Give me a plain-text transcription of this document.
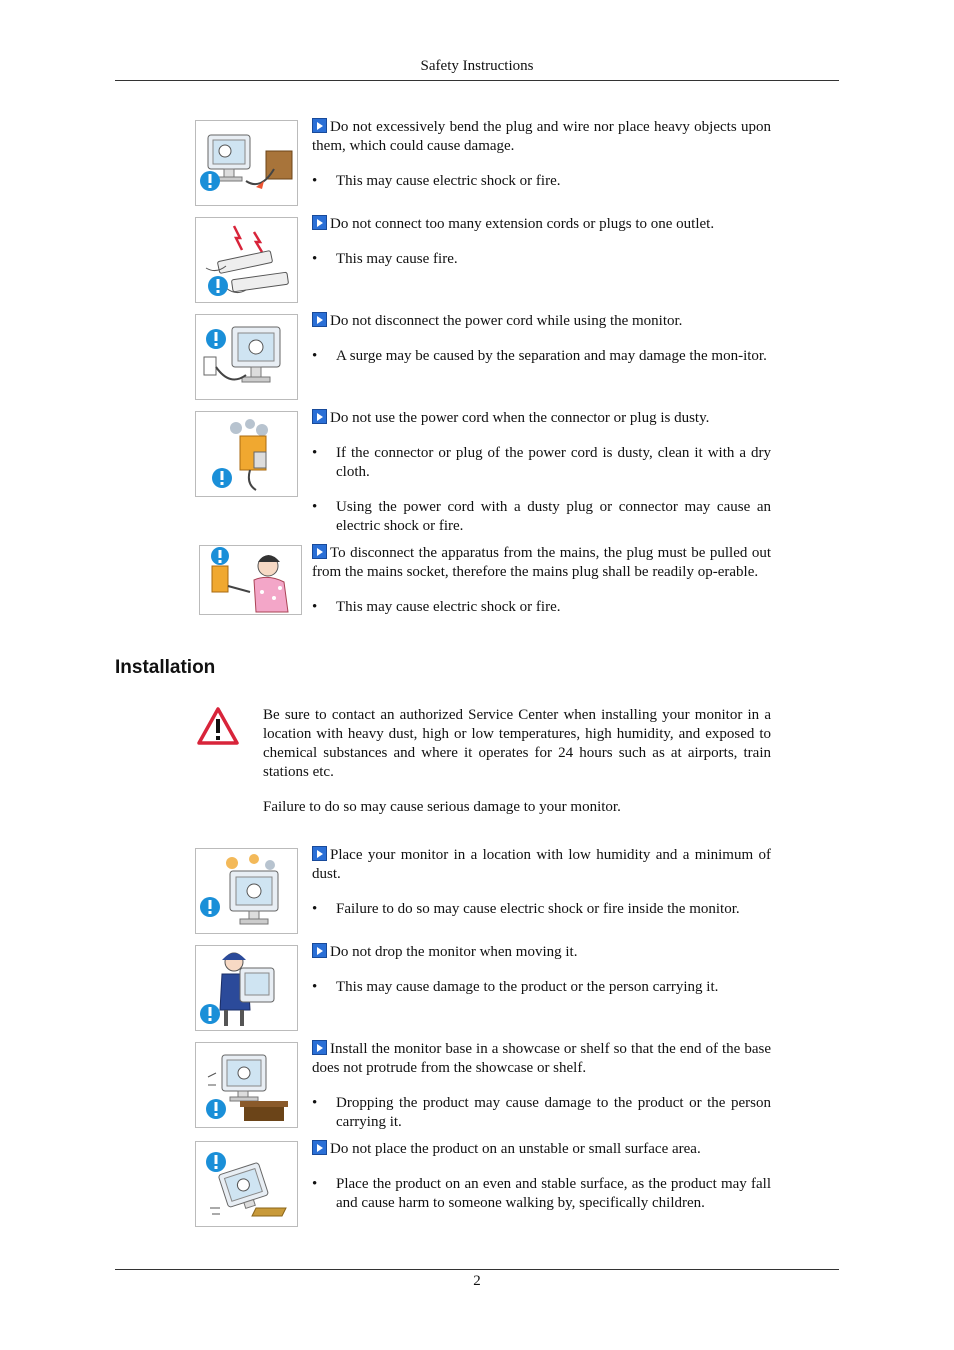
Safety Instructions

Do not excessively bend the plug and wire nor place heavy objects upon them, which could cause damage.

• This may cause electric shock or fire.

Do not connect too many extension cords or plugs to one outlet.

• This may cause fire.

Do not disconnect the power cord while using the monitor.

• A surge may be caused by the separation and may damage the mon-itor.

Do not use the power cord when the connector or plug is dusty.

• If the connector or plug of the power cord is dusty, clean it with a dry cloth.

• Using the power cord with a dusty plug or connector may cause an electric shock or fire.

To disconnect the apparatus from the mains, the plug must be pulled out from the mains socket, therefore the mains plug shall be readily op-erable.

• This may cause electric shock or fire.

Installation

Be sure to contact an authorized Service Center when installing your monitor in a location with heavy dust, high or low temperatures, high humidity, and exposed to chemical substances and where it operates for 24 hours such as at airports, train stations etc.

Failure to do so may cause serious damage to your monitor.

Place your monitor in a location with low humidity and a minimum of dust.

• Failure to do so may cause electric shock or fire inside the monitor.

Do not drop the monitor when moving it.

• This may cause damage to the product or the person carrying it.

Install the monitor base in a showcase or shelf so that the end of the base does not protrude from the showcase or shelf.

• Dropping the product may cause damage to the product or the person carrying it.

Do not place the product on an unstable or small surface area.

• Place the product on an even and stable surface, as the product may fall and cause harm to someone walking by, specifically children.

2
